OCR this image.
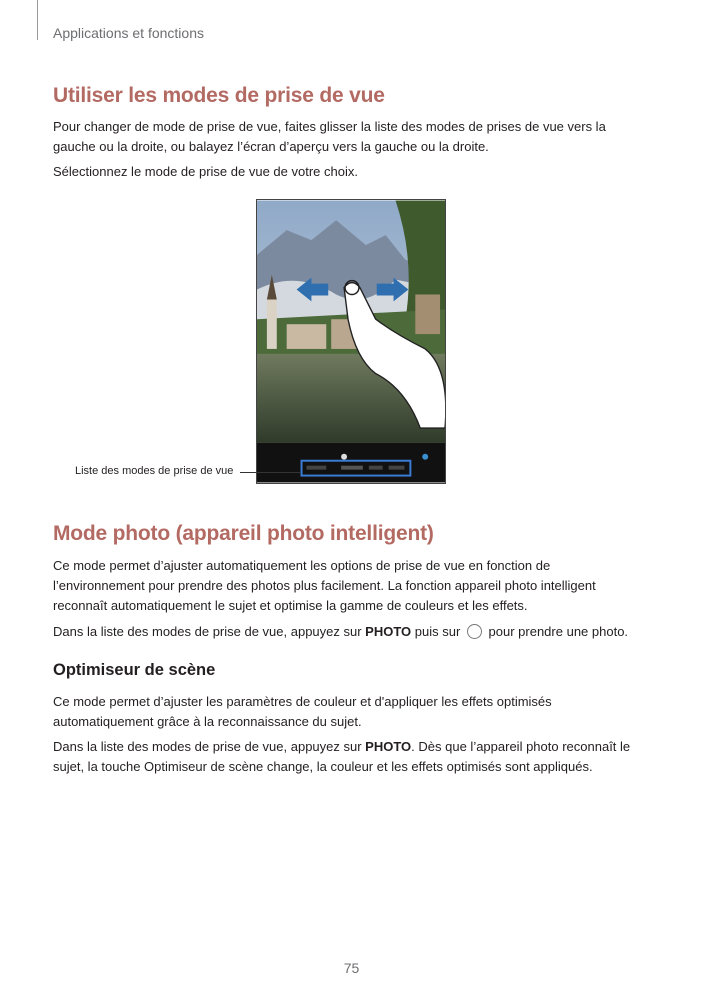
Applications et fonctions
Utiliser les modes de prise de vue

Pour changer de mode de prise de vue, faites glisser la liste des modes de prises de vue vers la gauche ou la droite, ou balayez l’écran d’aperçu vers la gauche ou la droite.

Sélectionnez le mode de prise de vue de votre choix.

Liste des modes de prise de vue
Mode photo (appareil photo intelligent)

Ce mode permet d’ajuster automatiquement les options de prise de vue en fonction de l’environnement pour prendre des photos plus facilement. La fonction appareil photo intelligent reconnaît automatiquement le sujet et optimise la gamme de couleurs et les effets.

Dans la liste des modes de prise de vue, appuyez sur PHOTO puis sur  pour prendre une photo.

Optimiseur de scène

Ce mode permet d’ajuster les paramètres de couleur et d'appliquer les effets optimisés automatiquement grâce à la reconnaissance du sujet.

Dans la liste des modes de prise de vue, appuyez sur PHOTO. Dès que l’appareil photo reconnaît le sujet, la touche Optimiseur de scène change, la couleur et les effets optimisés sont appliqués.

75
